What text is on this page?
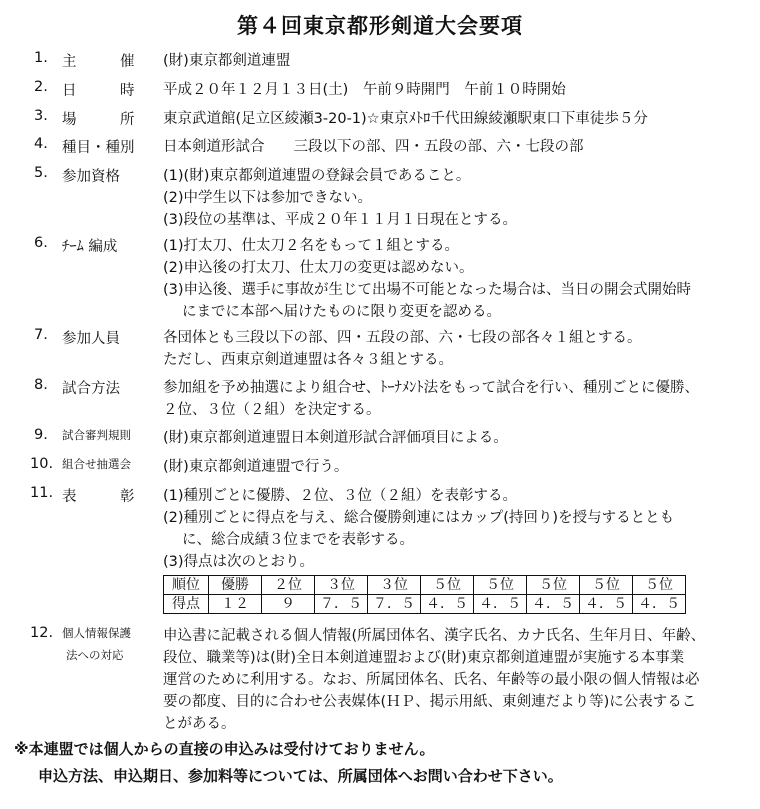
第４回東京都形剣道大会要項
1. 主　　　催	(財)東京都剣道連盟
2. 日　　　時	平成２０年１２月１３日(土)　午前９時開門　午前１０時開始
3. 場　　　所	東京武道館(足立区綾瀬3-20-1)☆東京ﾒﾄﾛ千代田線綾瀬駅東口下車徒歩５分
4. 種目・種別	日本剣道形試合　　三段以下の部、四・五段の部、六・七段の部
5. 参加資格	(1)(財)東京都剣道連盟の登録会員であること。
(2)中学生以下は参加できない。
(3)段位の基準は、平成２０年１１月１日現在とする。
6. ﾁｰﾑ 編成	(1)打太刀、仕太刀２名をもって１組とする。
(2)申込後の打太刀、仕太刀の変更は認めない。
(3)申込後、選手に事故が生じて出場不可能となった場合は、当日の開会式開始時
にまでに本部へ届けたものに限り変更を認める。
7. 参加人員	各団体とも三段以下の部、四・五段の部、六・七段の部各々１組とする。
ただし、西東京剣道連盟は各々３組とする。
8. 試合方法	参加組を予め抽選により組合せ、ﾄｰﾅﾒﾝﾄ法をもって試合を行い、種別ごとに優勝、
２位、３位（２組）を決定する。
9. 試合審判規則	(財)東京都剣道連盟日本剣道形試合評価項目による。
10. 組合せ抽選会	(財)東京都剣道連盟で行う。
11. 表　　　彰	(1)種別ごとに優勝、２位、３位（２組）を表彰する。
(2)種別ごとに得点を与え、総合優勝剣連にはカップ(持回り)を授与するととも
に、総合成績３位までを表彰する。
(3)得点は次のとおり。
順位	優勝	２位	３位	３位	５位	５位	５位	５位	５位
得点	１２	９	７．５	７．５	４．５	４．５	４．５	４．５	４．５
12. 個人情報保護
法への対応
申込書に記載される個人情報(所属団体名、漢字氏名、カナ氏名、生年月日、年齢、
段位、職業等)は(財)全日本剣道連盟および(財)東京都剣道連盟が実施する本事業
運営のために利用する。なお、所属団体名、氏名、年齢等の最小限の個人情報は必
要の都度、目的に合わせ公表媒体(ＨＰ、掲示用紙、東剣連だより等)に公表するこ
とがある。
※本連盟では個人からの直接の申込みは受付けておりません。
申込方法、申込期日、参加料等については、所属団体へお問い合わせ下さい。
